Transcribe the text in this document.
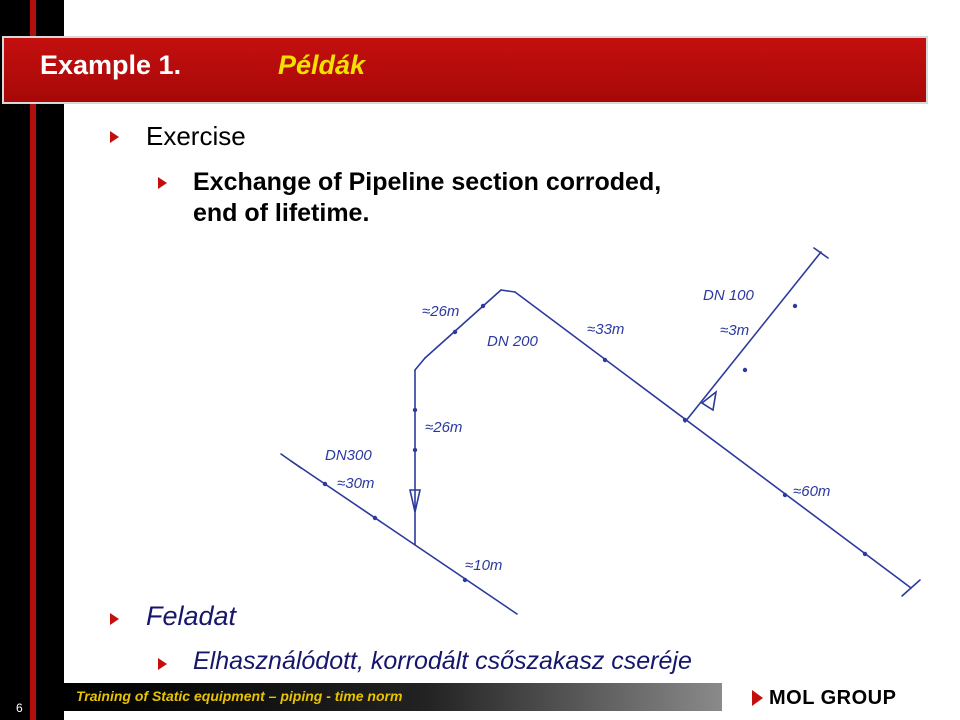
6
Example 1.	Példák
Exercise
Exchange of Pipeline section corroded,
end of lifetime.
DN300
≈30m
≈10m
≈26m
≈26m
DN 200
≈33m
DN 100
≈3m
≈60m
Feladat
Elhasználódott, korrodált csőszakasz cseréje
Training of Static equipment – piping - time norm	MOL GROUP
